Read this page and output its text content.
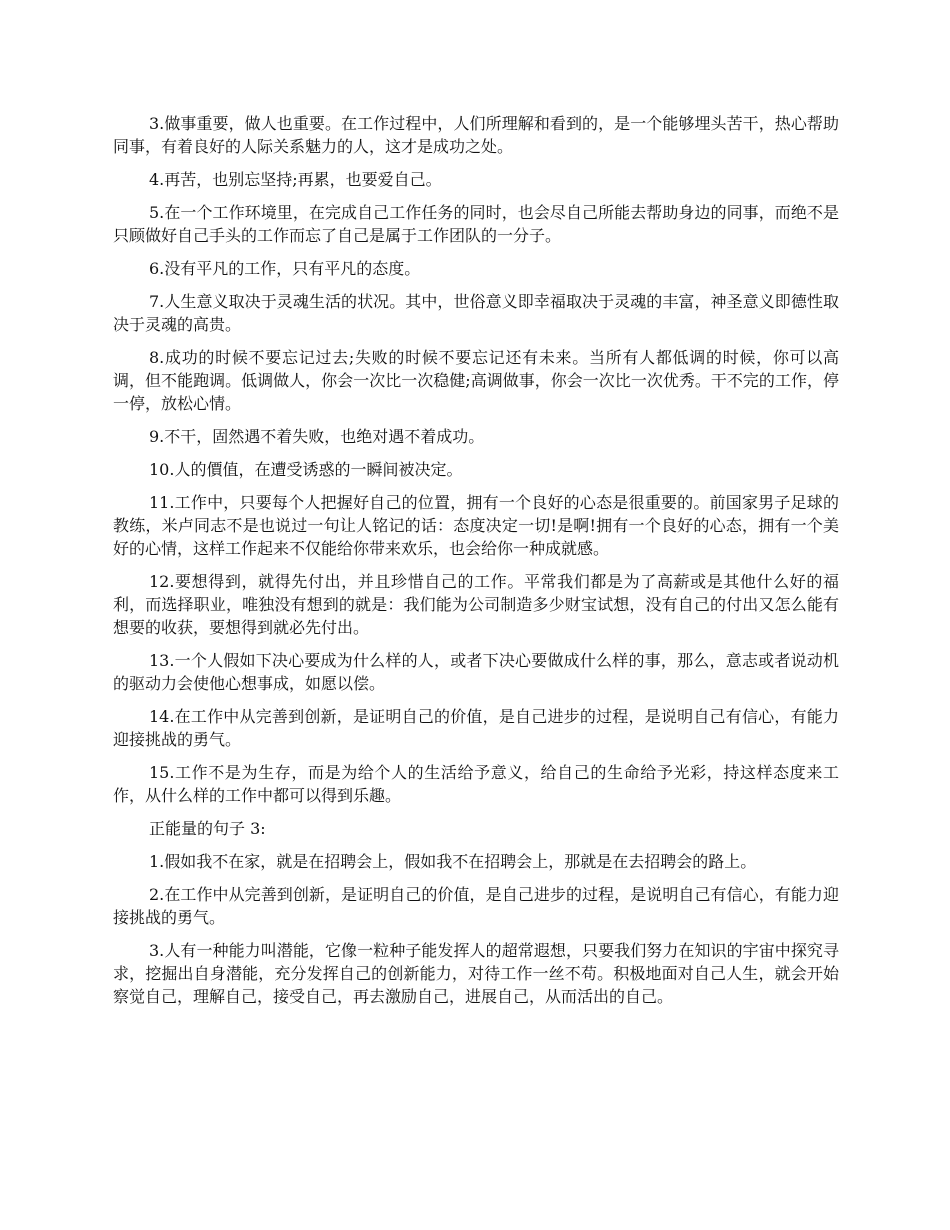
3.做事重要，做人也重要。在工作过程中，人们所理解和看到的，是一个能够埋头苦干，热心帮助同事，有着良好的人际关系魅力的人，这才是成功之处。

4.再苦，也别忘坚持;再累，也要爱自己。

5.在一个工作环境里，在完成自己工作任务的同时，也会尽自己所能去帮助身边的同事，而绝不是只顾做好自己手头的工作而忘了自己是属于工作团队的一分子。

6.没有平凡的工作，只有平凡的态度。

7.人生意义取决于灵魂生活的状况。其中，世俗意义即幸福取决于灵魂的丰富，神圣意义即德性取决于灵魂的高贵。

8.成功的时候不要忘记过去;失败的时候不要忘记还有未来。当所有人都低调的时候，你可以高调，但不能跑调。低调做人，你会一次比一次稳健;高调做事，你会一次比一次优秀。干不完的工作，停一停，放松心情。

9.不干，固然遇不着失败，也绝对遇不着成功。

10.人的價值，在遭受诱惑的一瞬间被决定。

11.工作中，只要每个人把握好自己的位置，拥有一个良好的心态是很重要的。前国家男子足球的教练，米卢同志不是也说过一句让人铭记的话：态度决定一切!是啊!拥有一个良好的心态，拥有一个美好的心情，这样工作起来不仅能给你带来欢乐，也会给你一种成就感。

12.要想得到，就得先付出，并且珍惜自己的工作。平常我们都是为了高薪或是其他什么好的福利，而选择职业，唯独没有想到的就是：我们能为公司制造多少财宝试想，没有自己的付出又怎么能有想要的收获，要想得到就必先付出。

13.一个人假如下决心要成为什么样的人，或者下决心要做成什么样的事，那么，意志或者说动机的驱动力会使他心想事成，如愿以偿。

14.在工作中从完善到创新，是证明自己的价值，是自己进步的过程，是说明自己有信心，有能力迎接挑战的勇气。

15.工作不是为生存，而是为给个人的生活给予意义，给自己的生命给予光彩，持这样态度来工作，从什么样的工作中都可以得到乐趣。

正能量的句子 3:

1.假如我不在家，就是在招聘会上，假如我不在招聘会上，那就是在去招聘会的路上。

2.在工作中从完善到创新，是证明自己的价值，是自己进步的过程，是说明自己有信心，有能力迎接挑战的勇气。

3.人有一种能力叫潜能，它像一粒种子能发挥人的超常遐想，只要我们努力在知识的宇宙中探究寻求，挖掘出自身潜能，充分发挥自己的创新能力，对待工作一丝不苟。积极地面对自己人生，就会开始察觉自己，理解自己，接受自己，再去激励自己，进展自己，从而活出的自己。
